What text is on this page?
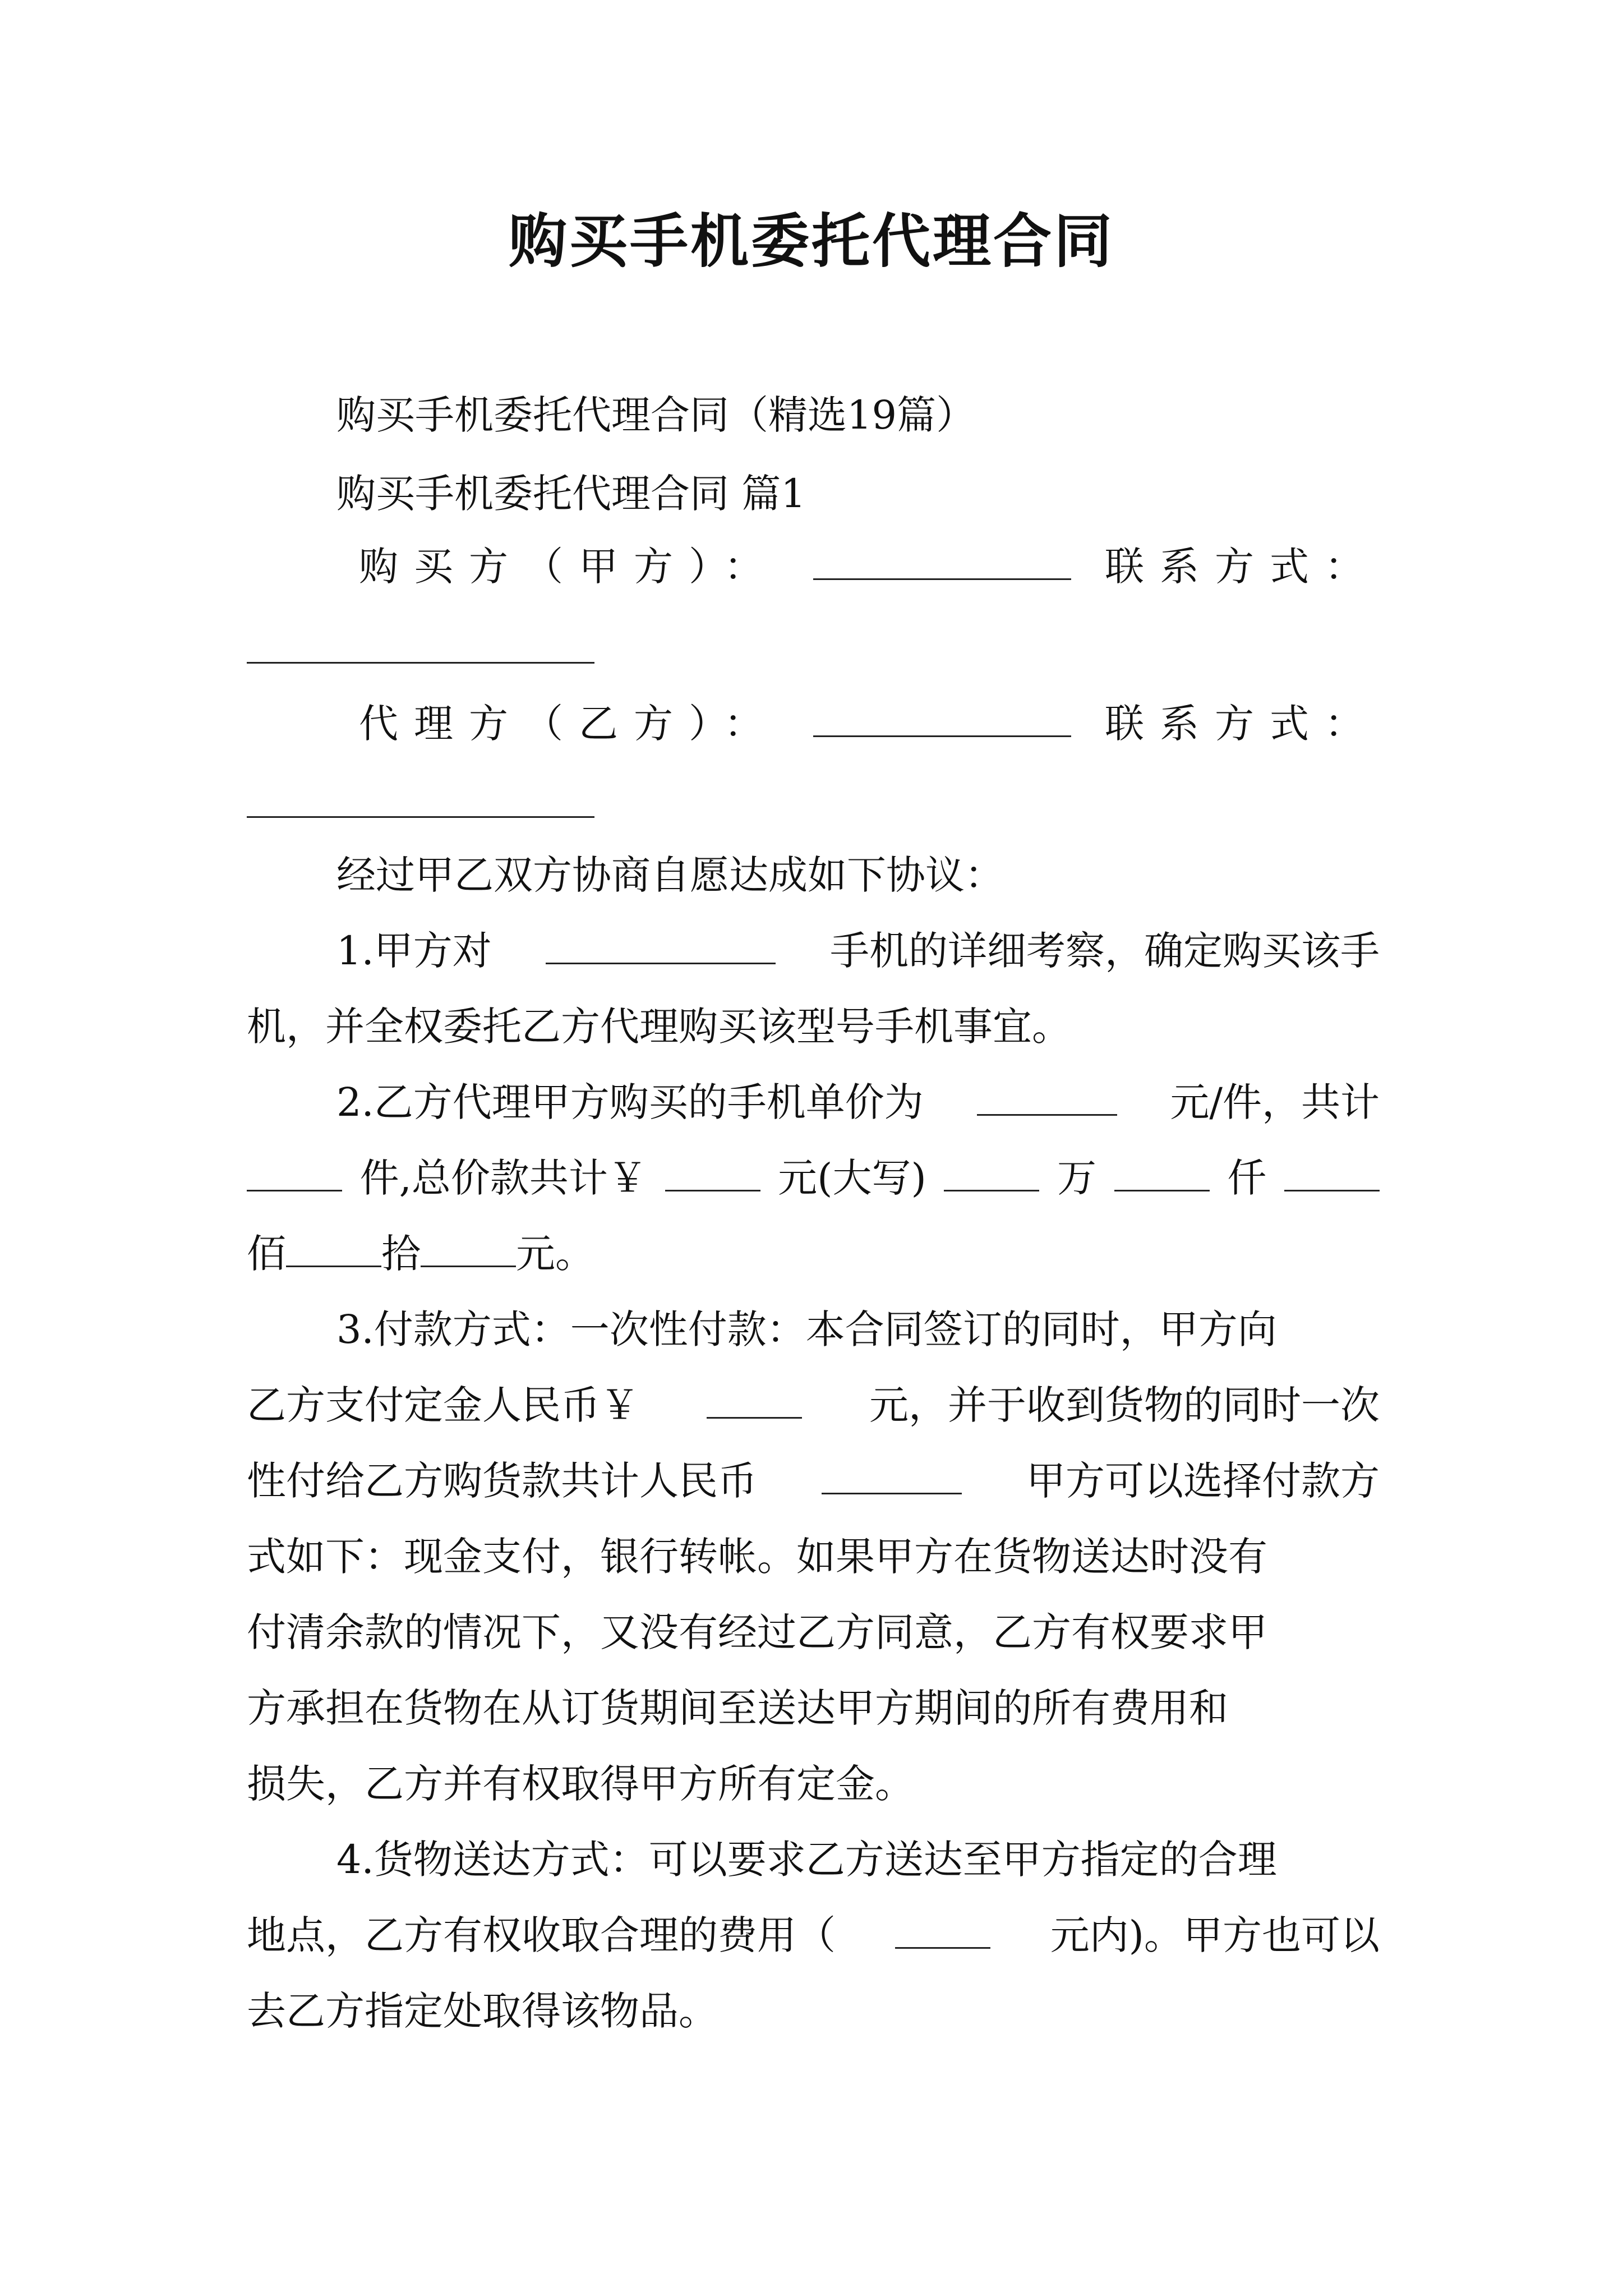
购买手机委托代理合同
购买手机委托代理合同（精选19篇）
购买手机委托代理合同 篇1
购买方（甲方）：	联系方式：
代理方（乙方）：	联系方式：
经过甲乙双方协商自愿达成如下协议：
1.甲方对	手机的详细考察，确定购买该手
机，并全权委托乙方代理购买该型号手机事宜。
2.乙方代理甲方购买的手机单价为	元/件，共计
件,总价款共计￥	元(大写)	万	仟
佰 拾 元。
3.付款方式：一次性付款：本合同签订的同时，甲方向
乙方支付定金人民币￥	元，并于收到货物的同时一次
性付给乙方购货款共计人民币	甲方可以选择付款方
式如下：现金支付，银行转帐。如果甲方在货物送达时没有
付清余款的情况下，又没有经过乙方同意，乙方有权要求甲
方承担在货物在从订货期间至送达甲方期间的所有费用和
损失，乙方并有权取得甲方所有定金。
4.货物送达方式：可以要求乙方送达至甲方指定的合理
地点，乙方有权收取合理的费用（	元内)。甲方也可以
去乙方指定处取得该物品。
